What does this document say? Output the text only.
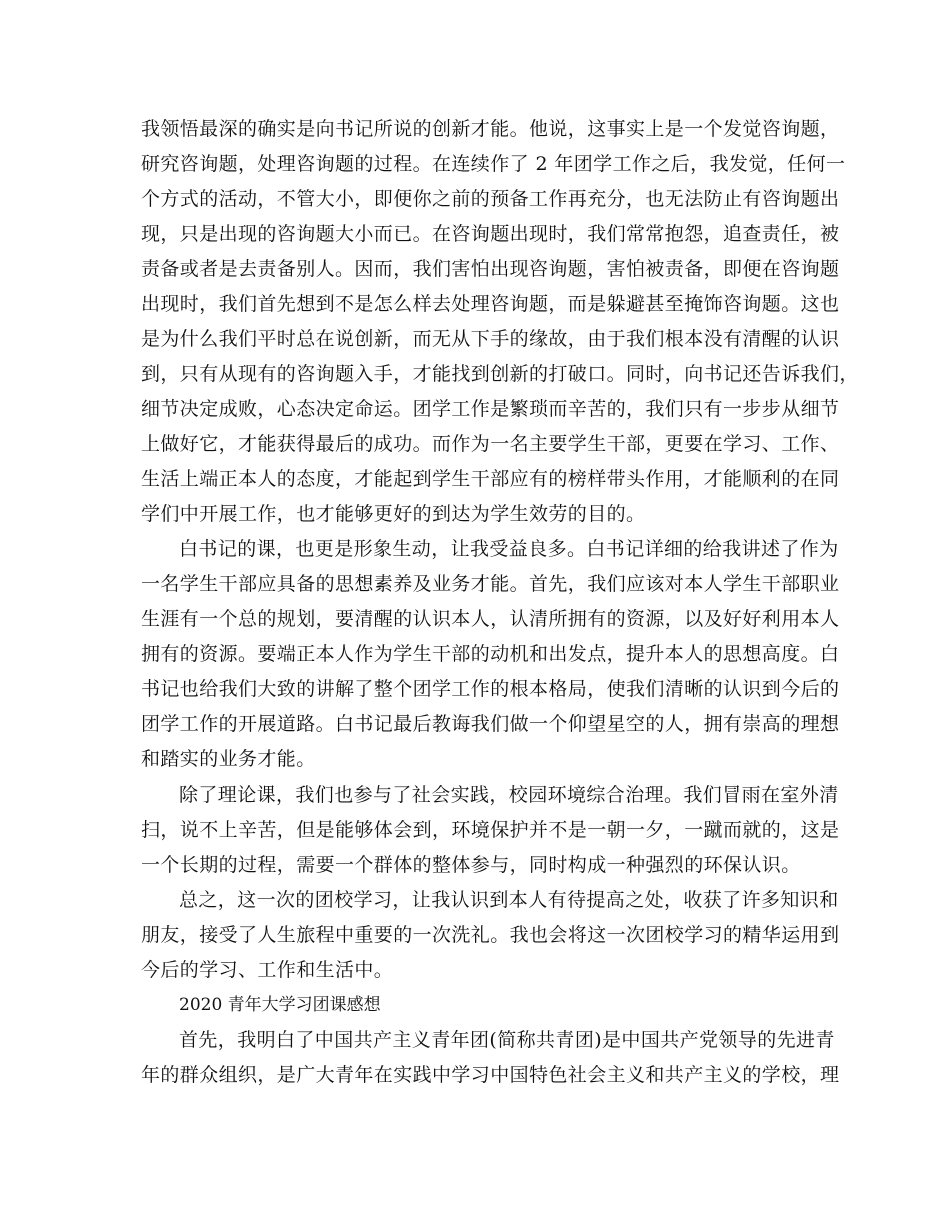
我领悟最深的确实是向书记所说的创新才能。他说，这事实上是一个发觉咨询题，
研究咨询题，处理咨询题的过程。在连续作了 2 年团学工作之后，我发觉，任何一
个方式的活动，不管大小，即便你之前的预备工作再充分，也无法防止有咨询题出
现，只是出现的咨询题大小而已。在咨询题出现时，我们常常抱怨，追查责任，被
责备或者是去责备别人。因而，我们害怕出现咨询题，害怕被责备，即便在咨询题
出现时，我们首先想到不是怎么样去处理咨询题，而是躲避甚至掩饰咨询题。这也
是为什么我们平时总在说创新，而无从下手的缘故，由于我们根本没有清醒的认识
到，只有从现有的咨询题入手，才能找到创新的打破口。同时，向书记还告诉我们，
细节决定成败，心态决定命运。团学工作是繁琐而辛苦的，我们只有一步步从细节
上做好它，才能获得最后的成功。而作为一名主要学生干部，更要在学习、工作、
生活上端正本人的态度，才能起到学生干部应有的榜样带头作用，才能顺利的在同
学们中开展工作，也才能够更好的到达为学生效劳的目的。
白书记的课，也更是形象生动，让我受益良多。白书记详细的给我讲述了作为
一名学生干部应具备的思想素养及业务才能。首先，我们应该对本人学生干部职业
生涯有一个总的规划，要清醒的认识本人，认清所拥有的资源，以及好好利用本人
拥有的资源。要端正本人作为学生干部的动机和出发点，提升本人的思想高度。白
书记也给我们大致的讲解了整个团学工作的根本格局，使我们清晰的认识到今后的
团学工作的开展道路。白书记最后教诲我们做一个仰望星空的人，拥有崇高的理想
和踏实的业务才能。
除了理论课，我们也参与了社会实践，校园环境综合治理。我们冒雨在室外清
扫，说不上辛苦，但是能够体会到，环境保护并不是一朝一夕，一蹴而就的，这是
一个长期的过程，需要一个群体的整体参与，同时构成一种强烈的环保认识。
总之，这一次的团校学习，让我认识到本人有待提高之处，收获了许多知识和
朋友，接受了人生旅程中重要的一次洗礼。我也会将这一次团校学习的精华运用到
今后的学习、工作和生活中。
2020 青年大学习团课感想
首先，我明白了中国共产主义青年团(简称共青团)是中国共产党领导的先进青
年的群众组织，是广大青年在实践中学习中国特色社会主义和共产主义的学校，理
